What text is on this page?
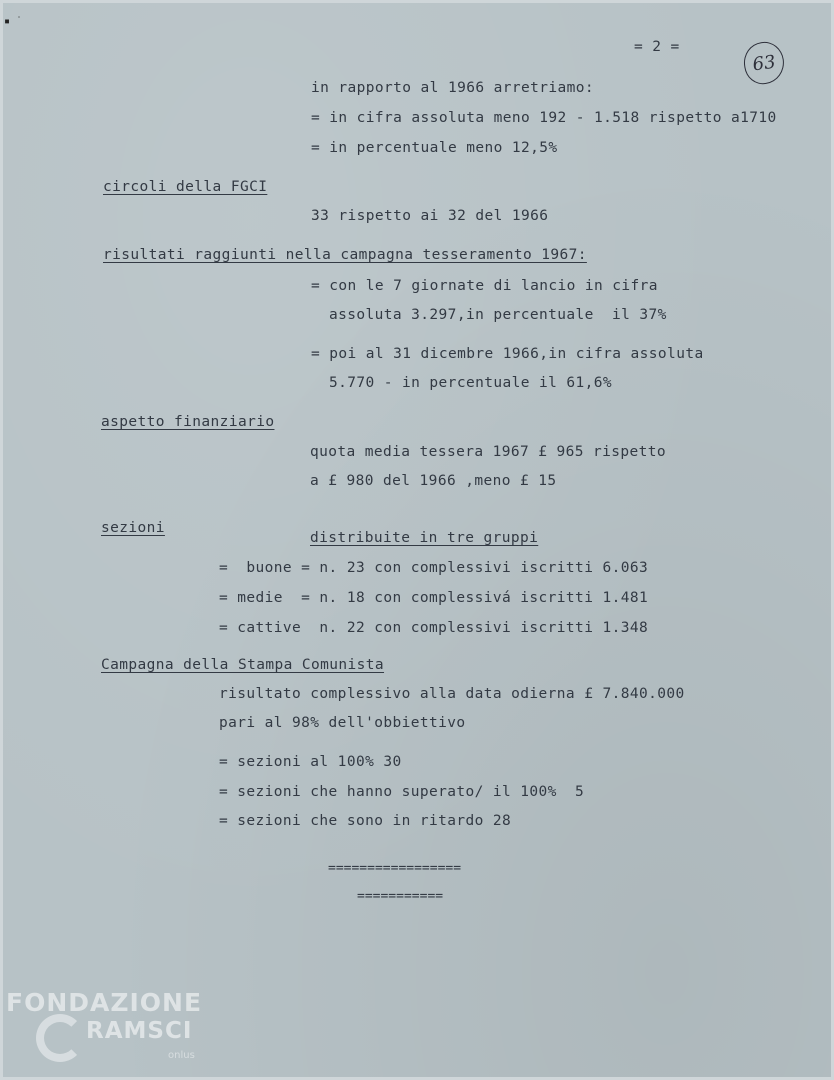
▪ ˙
= 2 =
63
in rapporto al 1966 arretriamo:
= in cifra assoluta meno 192 - 1.518 rispetto a1710
= in percentuale meno 12,5%
circoli della FGCI
33 rispetto ai 32 del 1966
risultati raggiunti nella campagna tesseramento 1967:
= con le 7 giornate di lancio in cifra
assoluta 3.297,in percentuale  il 37%
= poi al 31 dicembre 1966,in cifra assoluta
5.770 - in percentuale il 61,6%
aspetto finanziario
quota media tessera 1967 £ 965 rispetto
a £ 980 del 1966 ,meno £ 15
sezioni
distribuite in tre gruppi
=  buone = n. 23 con complessivi iscritti 6.063
= medie  = n. 18 con complessivá iscritti 1.481
= cattive  n. 22 con complessivi iscritti 1.348
Campagna della Stampa Comunista
risultato complessivo alla data odierna £ 7.840.000
pari al 98% dell'obbiettivo
= sezioni al 100% 30
= sezioni che hanno superato/ il 100%  5
= sezioni che sono in ritardo 28
=================
===========
FONDAZIONE
RAMSCI
onlus
